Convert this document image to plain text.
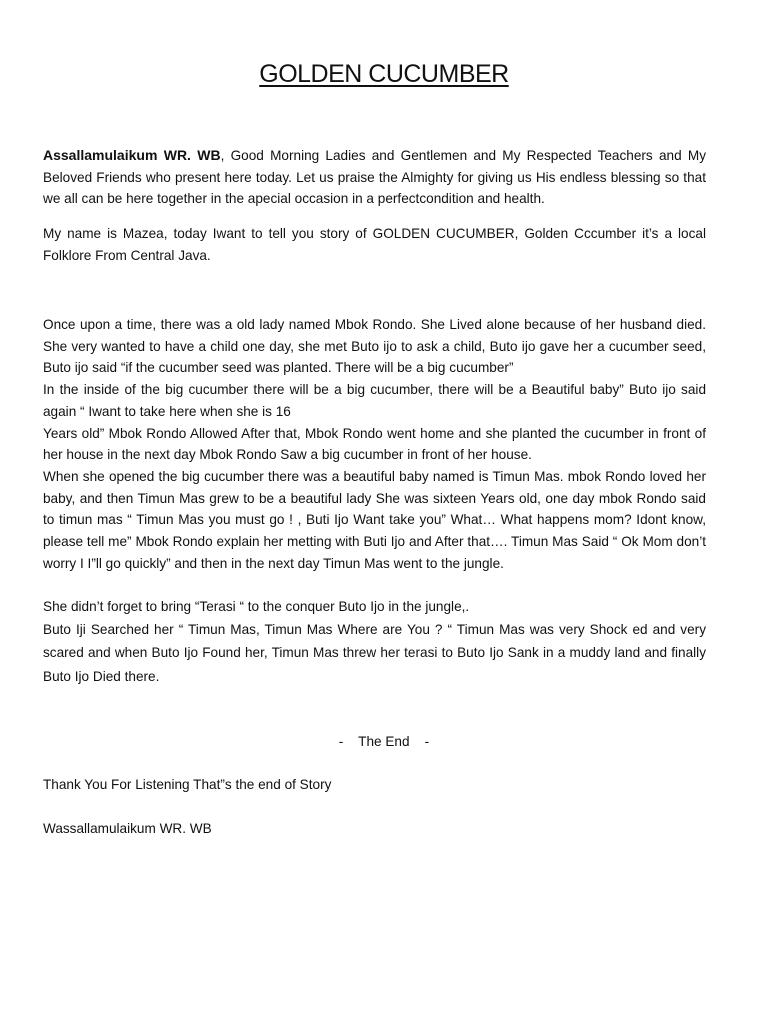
GOLDEN CUCUMBER

Assallamulaikum WR. WB, Good Morning Ladies and Gentlemen and My Respected Teachers and My Beloved Friends who present here today. Let us praise the Almighty for giving us His endless blessing so that we all can be here together in the apecial occasion in a perfectcondition and health.

My name is Mazea, today Iwant to tell you story of GOLDEN CUCUMBER, Golden Cccumber it’s a local Folklore From Central Java.

Once upon a time, there was a old lady named Mbok Rondo. She Lived alone because of her husband died. She very wanted to have a child one day, she met Buto ijo to ask a child, Buto ijo gave her a cucumber seed, Buto ijo said “if the cucumber seed was planted. There will be a big cucumber”
In the inside of the big cucumber there will be a big cucumber, there will be a Beautiful baby” Buto ijo said again “ Iwant to take here when she is 16
Years old” Mbok Rondo Allowed After that, Mbok Rondo went home and she planted the cucumber in front of her house in the next day Mbok Rondo Saw a big cucumber in front of her house.
When she opened the big cucumber there was a beautiful baby named is Timun Mas. mbok Rondo loved her baby, and then Timun Mas grew to be a beautiful lady She was sixteen Years old, one day mbok Rondo said to timun mas “ Timun Mas you must go ! , Buti Ijo Want take you” What… What happens mom? Idont know, please tell me” Mbok Rondo explain her metting with Buti Ijo and After that…. Timun Mas Said “ Ok Mom don’t worry I I”ll go quickly” and then in the next day Timun Mas went to the jungle.
She didn’t forget to bring “Terasi “ to the conquer Buto Ijo in the jungle,.
Buto Iji Searched her “ Timun Mas, Timun Mas Where are You ? “ Timun Mas was very Shock ed and very scared and when Buto Ijo Found her, Timun Mas threw her terasi to Buto Ijo Sank in a muddy land and finally Buto Ijo Died there.

-    The End    -

Thank You For Listening That”s the end of Story

Wassallamulaikum WR. WB
